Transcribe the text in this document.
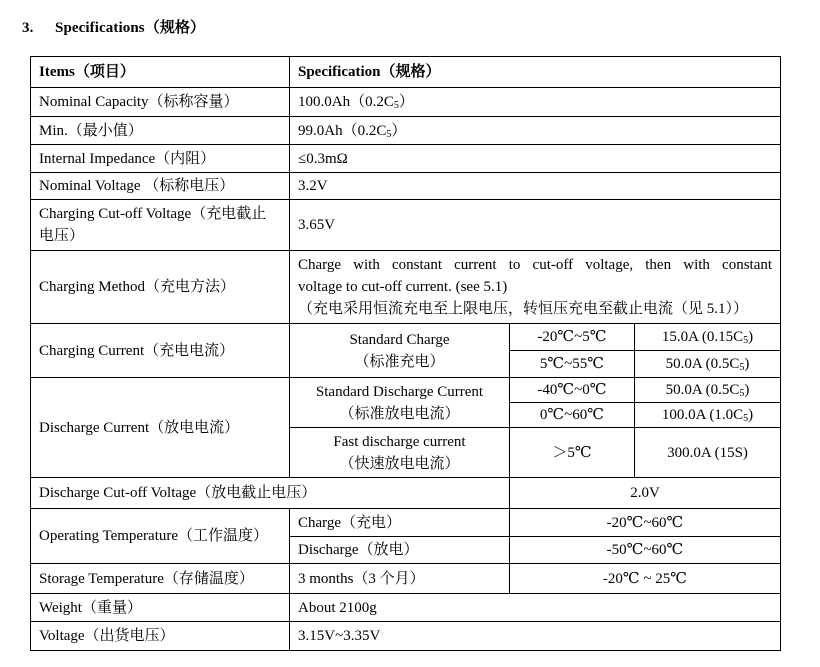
3. Specifications（规格）
Items（项目）	Specification（规格）		
Nominal Capacity（标称容量）	$100.0Ah(0.2C_5)$		
Min.（最小值）	$99.0Ah(0.2C_5)$		
Internal Impedance（内阻）	≤0.3mΩ		
Nominal Voltage （标称电压）	3.2V		

Charging Cut-off Voltage（充电截止
电压）	3.65V		
Charging Method（充电方法）	Charge with constant current to cut-off voltage, then with constant
voltage to cut-off current. (see 5.1)
（充电采用恒流充电至上限电压，转恒压充电至截止电流（见 5.1））		

Charging Current（充电电流）	Standard Charge
（标准充电）	-20℃~5℃	15.0A $(0.15C_5)$
		5℃~55℃	50.0A $(0.5C_5)$
Discharge Current（放电电流）	Standard Discharge Current
（标准放电电流）	-40℃~0℃	50.0A $(0.5C_5)$
		0℃~60℃	100.0A $(1.0C_5)$

	Fast discharge current
（快速放电电流）	＞5℃	300.0A (15S)
Discharge Cut-off Voltage（放电截止电压）		2.0V	
Operating Temperature（工作温度）	Charge（充电）	-20℃~60℃	
	Discharge（放电）	-50℃~60℃	
Storage Temperature（存储温度）	3 months（3 个月）	-20℃ ~ 25℃	
Weight（重量）	About 2100g		
Voltage（出货电压）	3.15V~3.35V		
